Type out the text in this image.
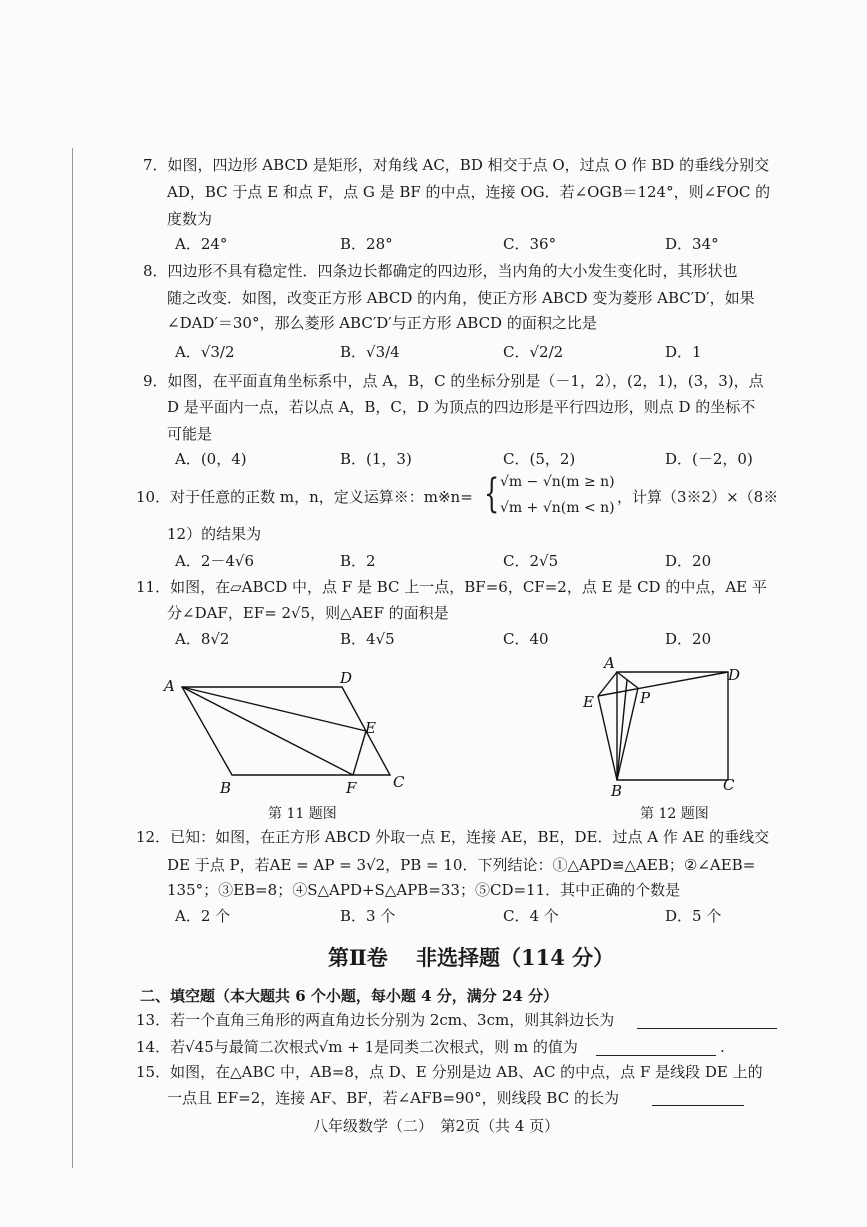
7．如图，四边形 ABCD 是矩形，对角线 AC，BD 相交于点 O，过点 O 作 BD 的垂线分别交
AD，BC 于点 E 和点 F，点 G 是 BF 的中点，连接 OG．若∠OGB＝124°，则∠FOC 的
度数为
A．24°	B．28°	C．36°	D．34°
8．四边形不具有稳定性．四条边长都确定的四边形，当内角的大小发生变化时，其形状也
随之改变．如图，改变正方形 ABCD 的内角，使正方形 ABCD 变为菱形 ABC′D′，如果
∠DAD′＝30°，那么菱形 ABC′D′与正方形 ABCD 的面积之比是
A．√3/2	B．√3/4	C．√2/2	D．1
9．如图，在平面直角坐标系中，点 A，B，C 的坐标分别是（－1，2），(2，1)，(3，3)，点
D 是平面内一点，若以点 A，B，C，D 为顶点的四边形是平行四边形，则点 D 的坐标不
可能是
A．(0，4)	B．(1，3)	C．(5，2)	D．(－2，0)
10．对于任意的正数 m，n，定义运算※：m※n= { √m − √n(m ≥ n)
√m + √n(m < n)
，计算（3※2）×（8※
12）的结果为
A．2－4√6	B．2	C．2√5	D．20
11．如图，在▱ABCD 中，点 F 是 BC 上一点，BF=6，CF=2，点 E 是 CD 的中点，AE 平
分∠DAF，EF= 2√5，则△AEF 的面积是
A．8√2	B．4√5	C．40	D．20
A	D
E
B	F C
第 11 题图
A
D
E	P
B	C
第 12 题图
12．已知：如图，在正方形 ABCD 外取一点 E，连接 AE，BE，DE．过点 A 作 AE 的垂线交
DE 于点 P，若AE = AP = 3√2，PB = 10．下列结论：①△APD≌△AEB；②∠AEB=
135°；③EB=8；④S△APD+S△APB=33；⑤CD=11．其中正确的个数是
A．2 个	B．3 个	C．4 个	D．5 个
第Ⅱ卷　 非选择题（114 分）
二、填空题（本大题共 6 个小题，每小题 4 分，满分 24 分）
13．若一个直角三角形的两直角边长分别为 2cm、3cm，则其斜边长为
14．若√45与最简二次根式√m + 1是同类二次根式，则 m 的值为	.
15．如图，在△ABC 中，AB=8，点 D、E 分别是边 AB、AC 的中点，点 F 是线段 DE 上的
一点且 EF=2，连接 AF、BF，若∠AFB=90°，则线段 BC 的长为
八年级数学（二）　第2页（共 4 页）
